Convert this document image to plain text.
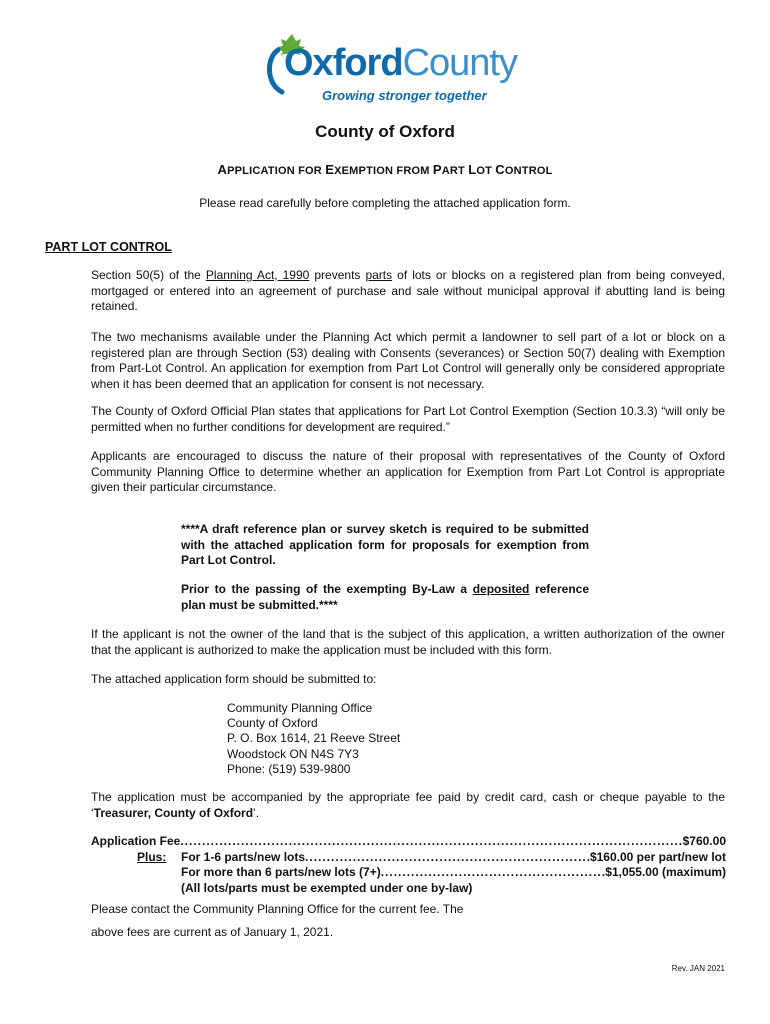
OxfordCounty
Growing stronger together
County of Oxford
APPLICATION FOR EXEMPTION FROM PART LOT CONTROL
Please read carefully before completing the attached application form.
PART LOT CONTROL

Section 50(5) of the Planning Act, 1990 prevents parts of lots or blocks on a registered plan from being conveyed, mortgaged or entered into an agreement of purchase and sale without municipal approval if abutting land is being retained.

The two mechanisms available under the Planning Act which permit a landowner to sell part of a lot or block on a registered plan are through Section (53) dealing with Consents (severances) or Section 50(7) dealing with Exemption from Part-Lot Control. An application for exemption from Part Lot Control will generally only be considered appropriate when it has been deemed that an application for consent is not necessary.

The County of Oxford Official Plan states that applications for Part Lot Control Exemption (Section 10.3.3) “will only be permitted when no further conditions for development are required.”

Applicants are encouraged to discuss the nature of their proposal with representatives of the County of Oxford Community Planning Office to determine whether an application for Exemption from Part Lot Control is appropriate given their particular circumstance.

****A draft reference plan or survey sketch is required to be submitted with the attached application form for proposals for exemption from Part Lot Control.

Prior to the passing of the exempting By-Law a deposited reference plan must be submitted.****

If the applicant is not the owner of the land that is the subject of this application, a written authorization of the owner that the applicant is authorized to make the application must be included with this form.

The attached application form should be submitted to:

Community Planning Office
County of Oxford
P. O. Box 1614, 21 Reeve Street
Woodstock ON N4S 7Y3
Phone: (519) 539-9800

The application must be accompanied by the appropriate fee paid by credit card, cash or cheque payable to the ‘Treasurer, County of Oxford’.

Application Fee .....	$760.00
Plus:	For 1-6 parts/new lots .....	$160.00 per part/new lot
For more than 6 parts/new lots (7+) .....	$1,055.00 (maximum)
(All lots/parts must be exempted under one by-law)

Please contact the Community Planning Office for the current fee. The

above fees are current as of January 1, 2021.

Rev. JAN 2021
